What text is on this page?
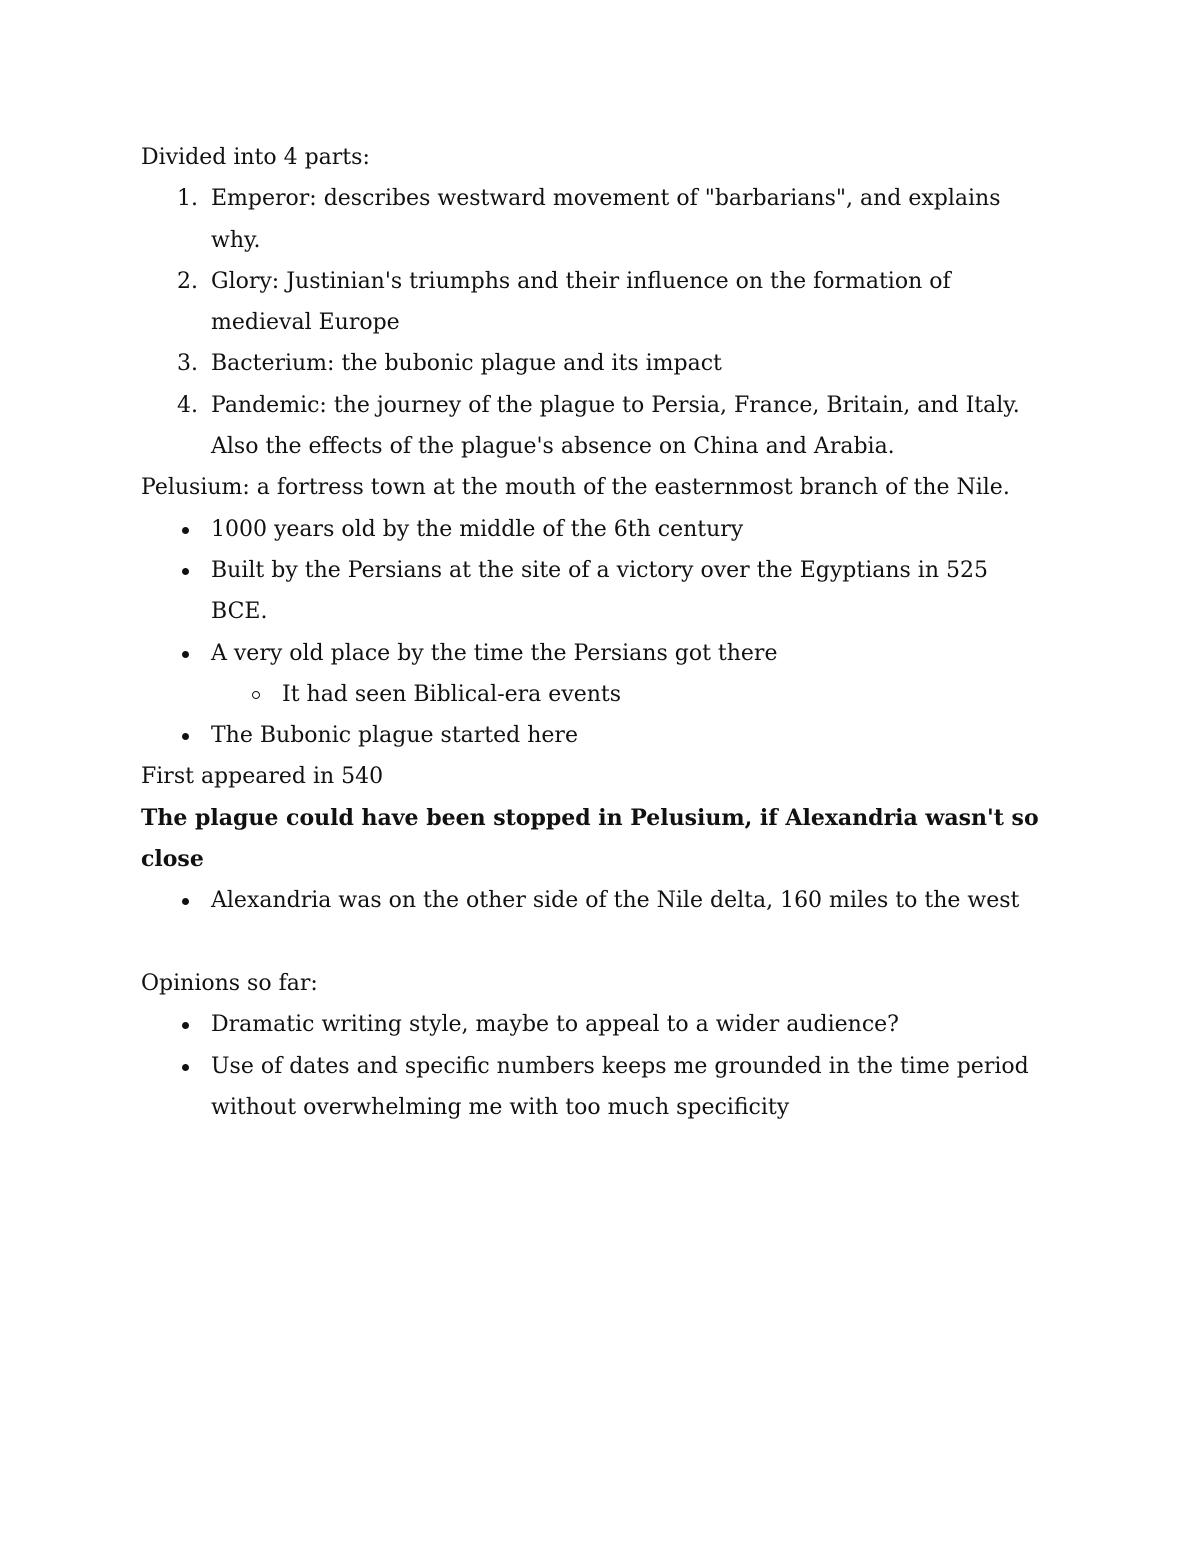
Divided into 4 parts:

1. Emperor: describes westward movement of "barbarians", and explains why.
2. Glory: Justinian's triumphs and their influence on the formation of medieval Europe
3. Bacterium: the bubonic plague and its impact
4. Pandemic: the journey of the plague to Persia, France, Britain, and Italy. Also the effects of the plague's absence on China and Arabia.

Pelusium: a fortress town at the mouth of the easternmost branch of the Nile.

1000 years old by the middle of the 6th century
Built by the Persians at the site of a victory over the Egyptians in 525 BCE.
A very old place by the time the Persians got there
It had seen Biblical-era events
The Bubonic plague started here

First appeared in 540

The plague could have been stopped in Pelusium, if Alexandria wasn't so close

Alexandria was on the other side of the Nile delta, 160 miles to the west

Opinions so far:

Dramatic writing style, maybe to appeal to a wider audience?
Use of dates and specific numbers keeps me grounded in the time period without overwhelming me with too much specificity
